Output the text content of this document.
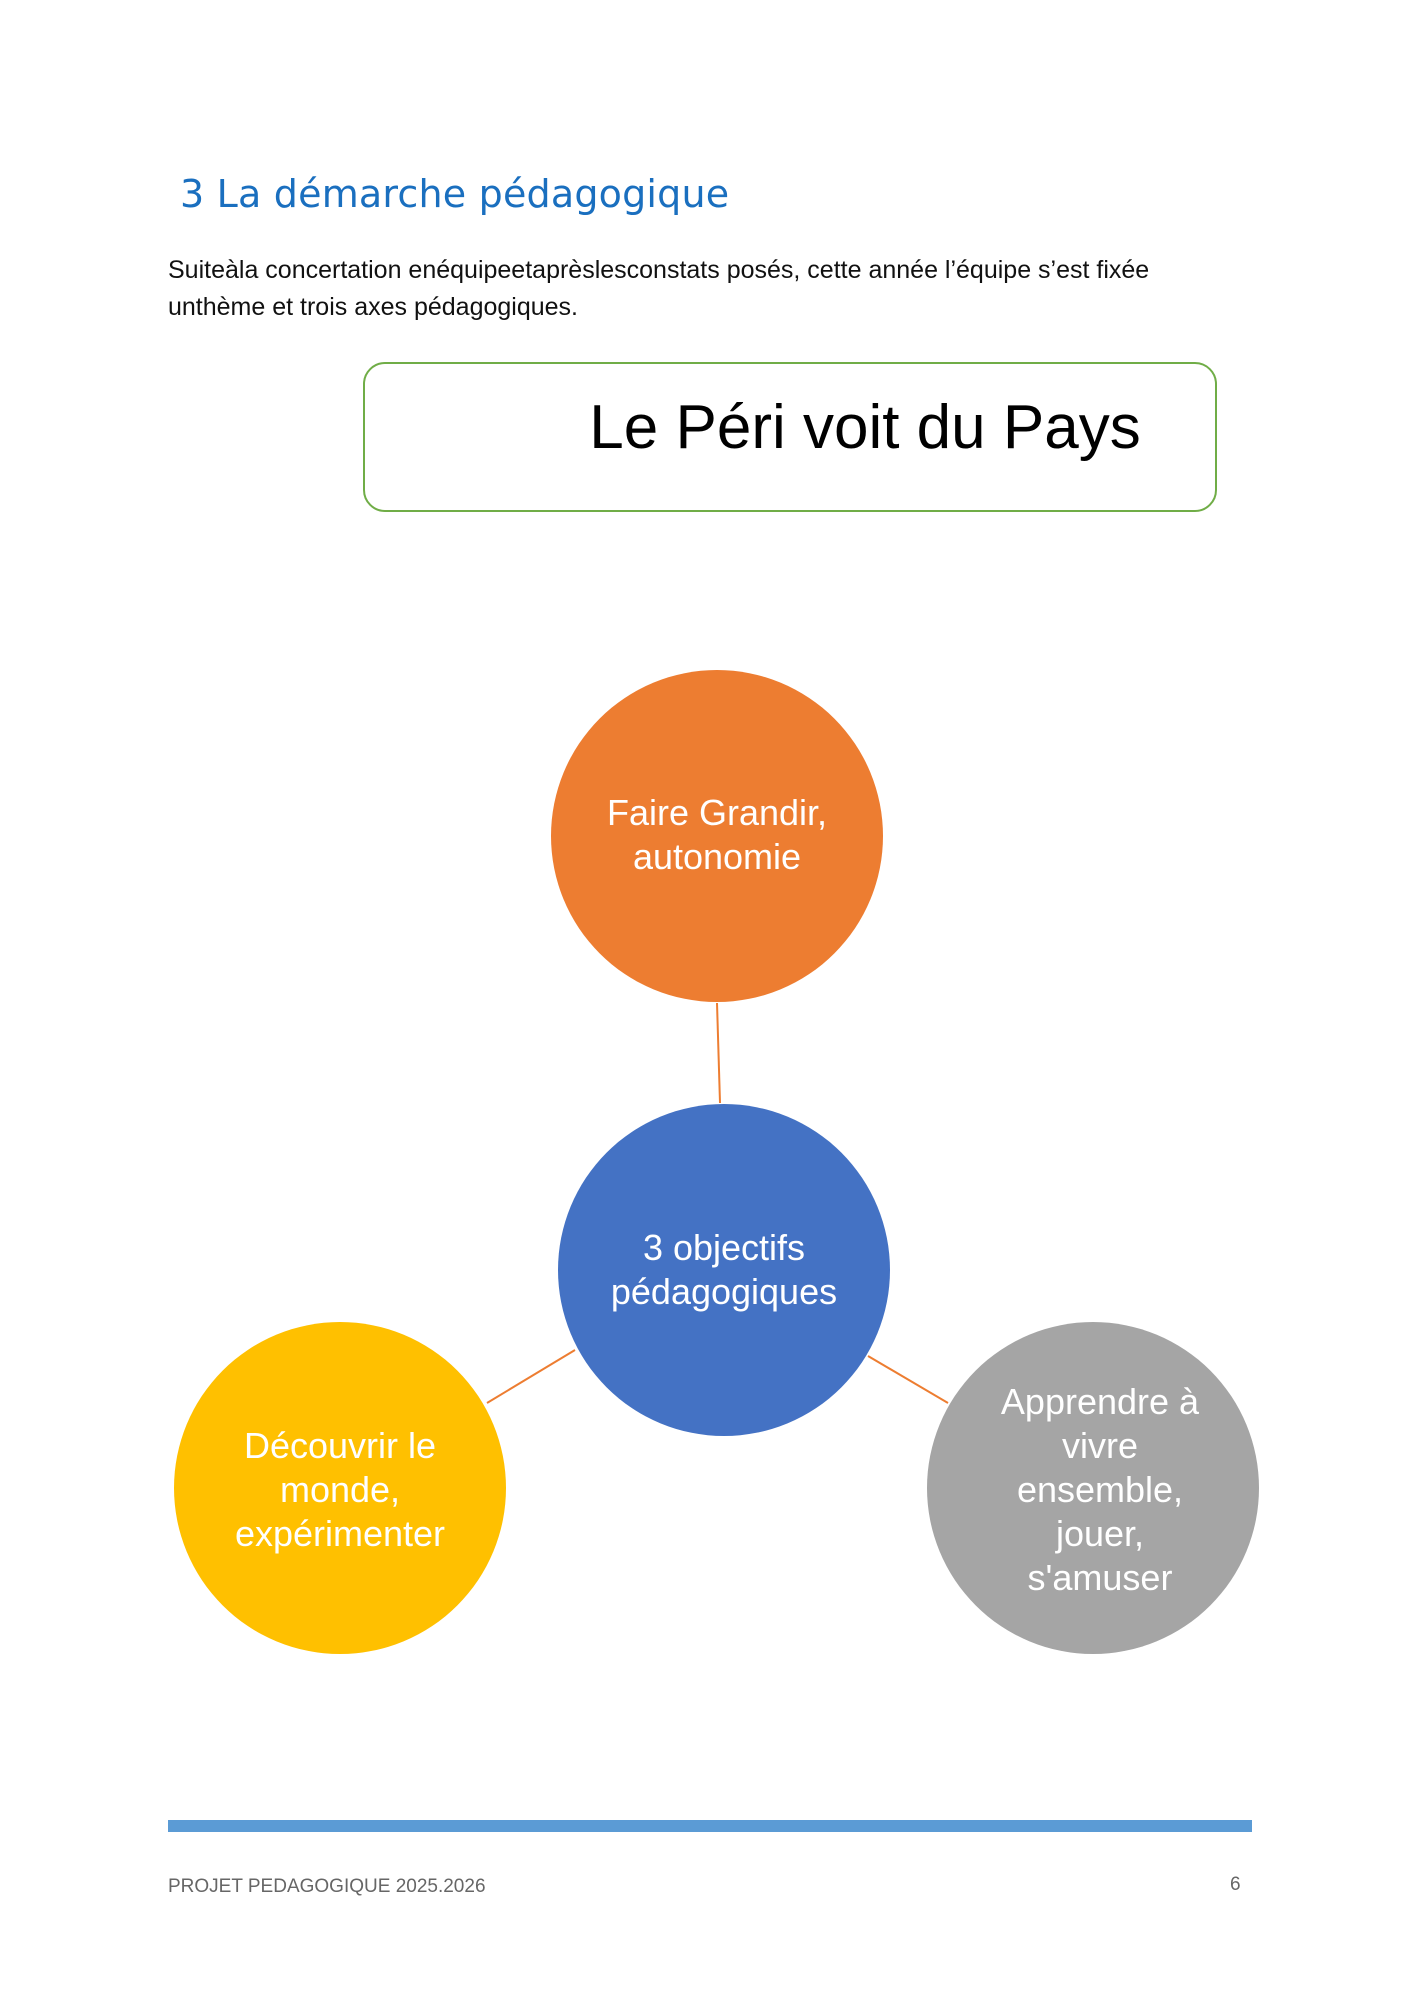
3 La démarche pédagogique
Suiteàla concertation enéquipeetaprèslesconstats posés, cette année l’équipe s’est fixée
unthème et trois axes pédagogiques.
Le Péri voit du Pays
Faire Grandir,
autonomie
3 objectifs
pédagogiques
Découvrir le
monde,
expérimenter
Apprendre à
vivre
ensemble,
jouer,
s'amuser
PROJET PEDAGOGIQUE 2025.2026	6
